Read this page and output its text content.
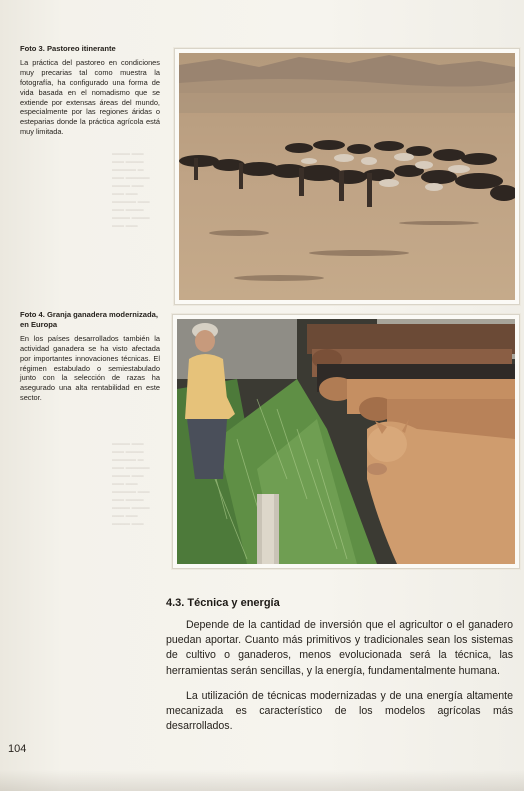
▬▬▬ ▬▬
▬▬ ▬▬▬
▬▬▬▬ ▬
▬▬ ▬▬▬▬
▬▬▬ ▬▬
▬▬ ▬▬
▬▬▬▬ ▬▬
▬▬ ▬▬▬
▬▬▬ ▬▬▬
▬▬ ▬▬
▬▬▬ ▬▬
▬▬ ▬▬▬
▬▬▬▬ ▬
▬▬ ▬▬▬▬
▬▬▬ ▬▬
▬▬ ▬▬
▬▬▬▬ ▬▬
▬▬ ▬▬▬
▬▬▬ ▬▬▬
▬▬ ▬▬
▬▬▬ ▬▬
Foto 3. Pastoreo itinerante
La práctica del pastoreo en condiciones muy precarias tal como muestra la fotografía, ha configurado una forma de vida basada en el nomadismo que se extiende por extensas áreas del mundo, especialmente por las regiones áridas o esteparias donde la práctica agrícola está muy limitada.
Foto 4. Granja ganadera modernizada, en Europa
En los países desarrollados también la actividad ganadera se ha visto afectada por importantes innovaciones técnicas. El régimen estabulado o semiestabulado junto con la selección de razas ha asegurado una alta rentabilidad en este sector.
4.3. Técnica y energía
Depende de la cantidad de inversión que el agricultor o el ganadero puedan aportar. Cuanto más primitivos y tradicionales sean los sistemas de cultivo o ganaderos, menos evolucionada será la técnica, las herramientas serán sencillas, y la energía, fundamentalmente humana.
La utilización de técnicas modernizadas y de una energía altamente mecanizada es característico de los modelos agrícolas más desarrollados.
104
